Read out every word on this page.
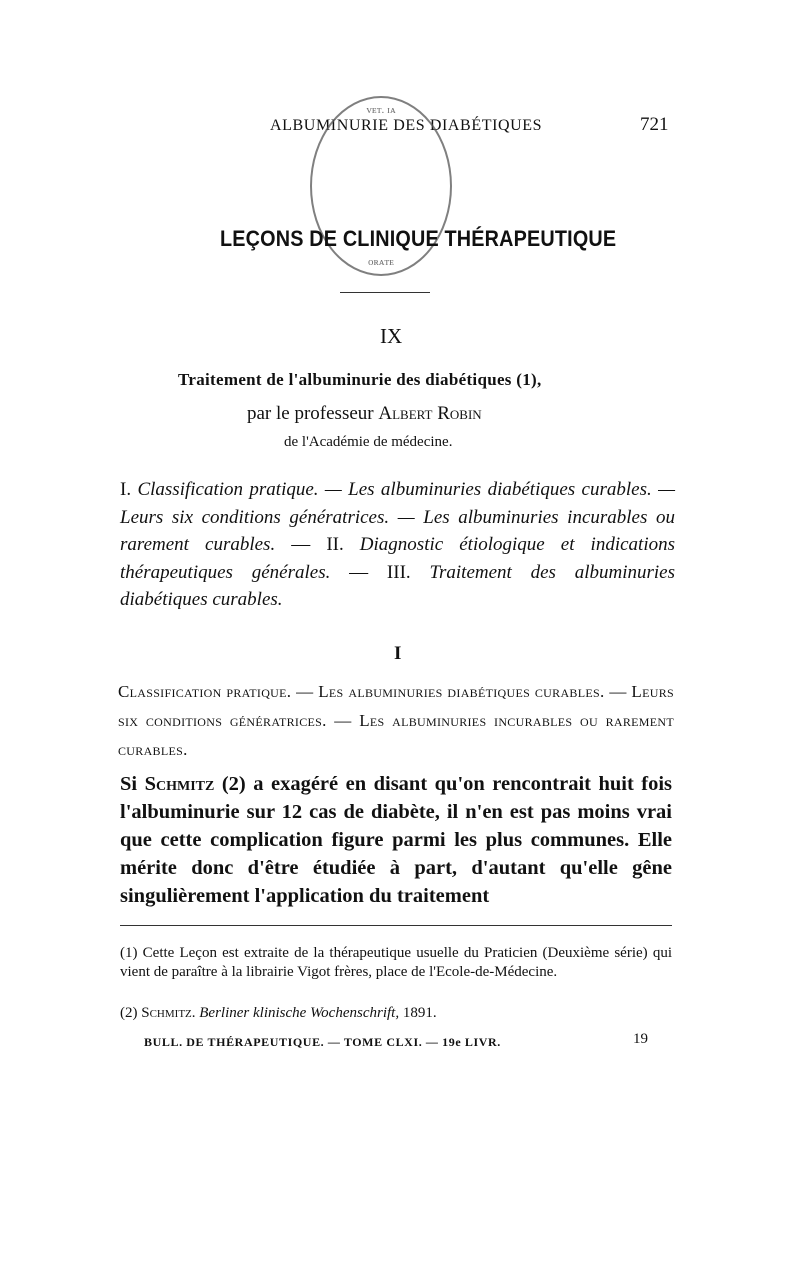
ALBUMINURIE DES DIABÉTIQUES	721
ᴠᴇᴛ. ɪᴀ
ᴏʀᴀᴛᴇ
LEÇONS DE CLINIQUE THÉRAPEUTIQUE
IX
Traitement de l'albuminurie des diabétiques (1),
par le professeur Albert Robin
de l'Académie de médecine.
I. Classification pratique. — Les albuminuries diabétiques curables. — Leurs six conditions génératrices. — Les albuminuries incurables ou rarement curables. — II. Diagnostic étiologique et indications thérapeutiques générales. — III. Traitement des albuminuries diabétiques curables.
I
Classification pratique. — Les albuminuries diabétiques curables. — Leurs six conditions génératrices. — Les albuminuries incurables ou rarement curables.
Si Schmitz (2) a exagéré en disant qu'on rencontrait huit fois l'albuminurie sur 12 cas de diabète, il n'en est pas moins vrai que cette complication figure parmi les plus communes. Elle mérite donc d'être étudiée à part, d'autant qu'elle gêne singulièrement l'application du traitement
(1) Cette Leçon est extraite de la thérapeutique usuelle du Praticien (Deuxième série) qui vient de paraître à la librairie Vigot frères, place de l'Ecole-de-Médecine.
(2) Schmitz. Berliner klinische Wochenschrift, 1891.
BULL. DE THÉRAPEUTIQUE. — TOME CLXI. — 19e LIVR.	19
